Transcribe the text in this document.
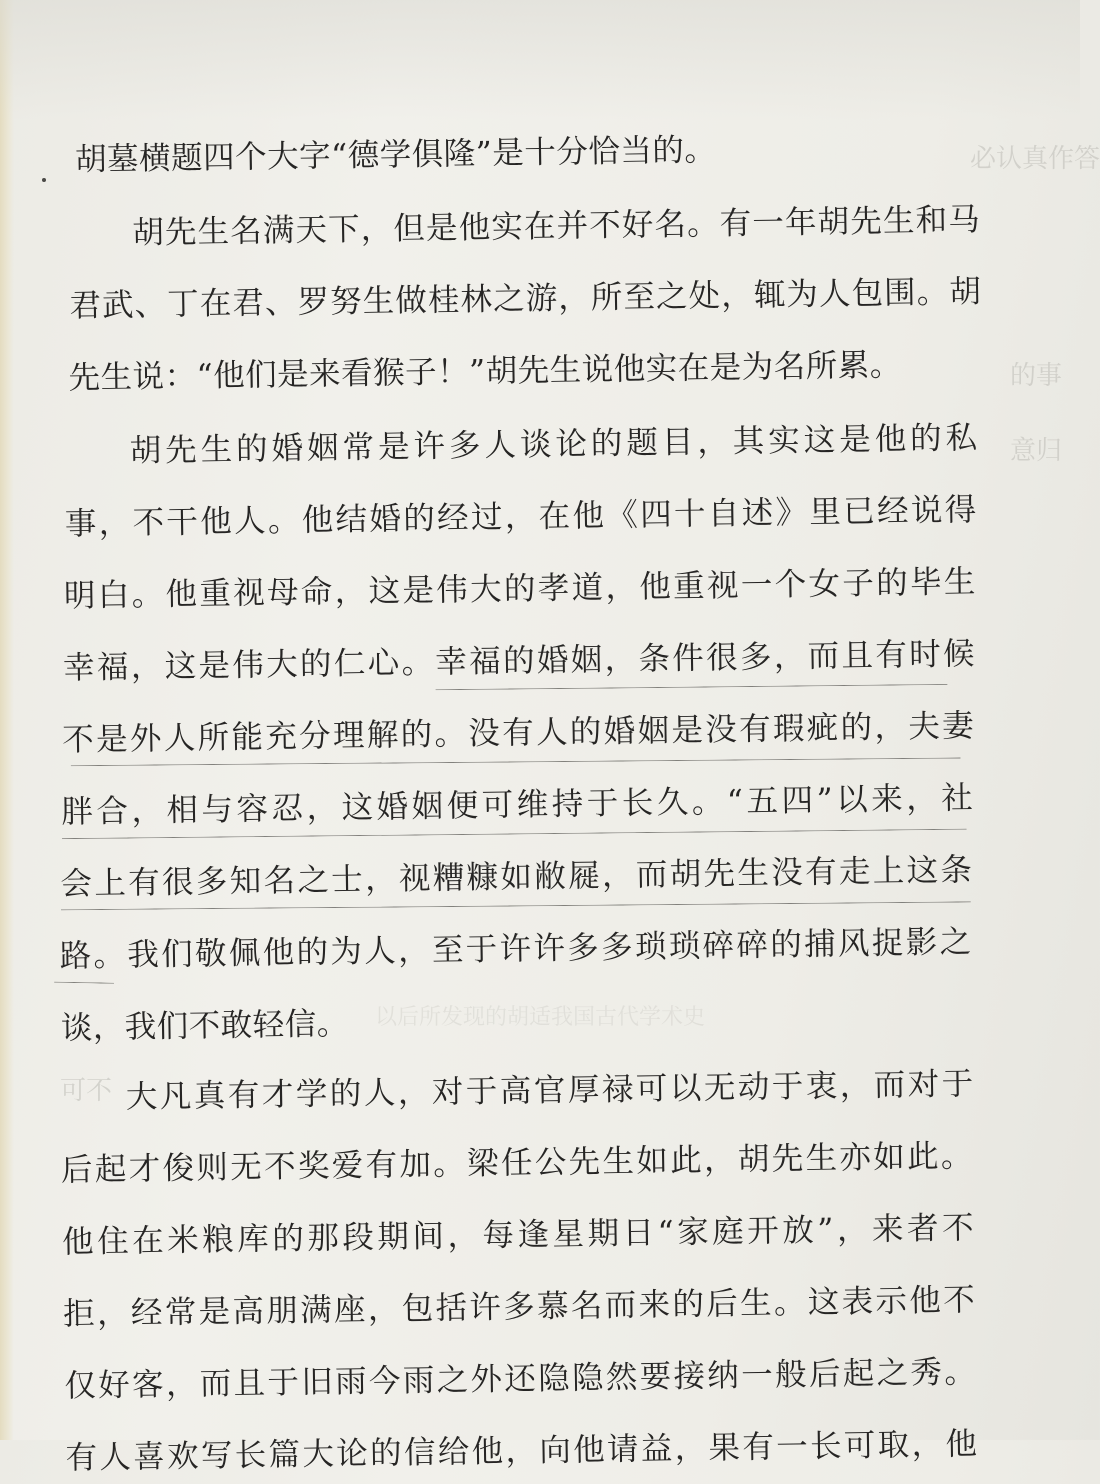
必认真作答
的事
意归
以后所发现的胡适我国古代学术史
可不
胡墓横题四个大字“德学俱隆”是十分恰当的。
胡先生名满天下，但是他实在并不好名。有一年胡先生和马
君武、丁在君、罗努生做桂林之游，所至之处，辄为人包围。胡
先生说：“他们是来看猴子！”胡先生说他实在是为名所累。
胡先生的婚姻常是许多人谈论的题目，其实这是他的私
事，不干他人。他结婚的经过，在他《四十自述》里已经说得
明白。他重视母命，这是伟大的孝道，他重视一个女子的毕生
幸福，这是伟大的仁心。幸福的婚姻，条件很多，而且有时候
不是外人所能充分理解的。没有人的婚姻是没有瑕疵的，夫妻
胖合，相与容忍，这婚姻便可维持于长久。“五四”以来，社
会上有很多知名之士，视糟糠如敝屣，而胡先生没有走上这条
路。我们敬佩他的为人，至于许许多多琐琐碎碎的捕风捉影之
谈，我们不敢轻信。
大凡真有才学的人，对于高官厚禄可以无动于衷，而对于
后起才俊则无不奖爱有加。梁任公先生如此，胡先生亦如此。
他住在米粮库的那段期间，每逢星期日“家庭开放”，来者不
拒，经常是高朋满座，包括许多慕名而来的后生。这表示他不
仅好客，而且于旧雨今雨之外还隐隐然要接纳一般后起之秀。
有人喜欢写长篇大论的信给他，向他请益，果有一长可取，他
